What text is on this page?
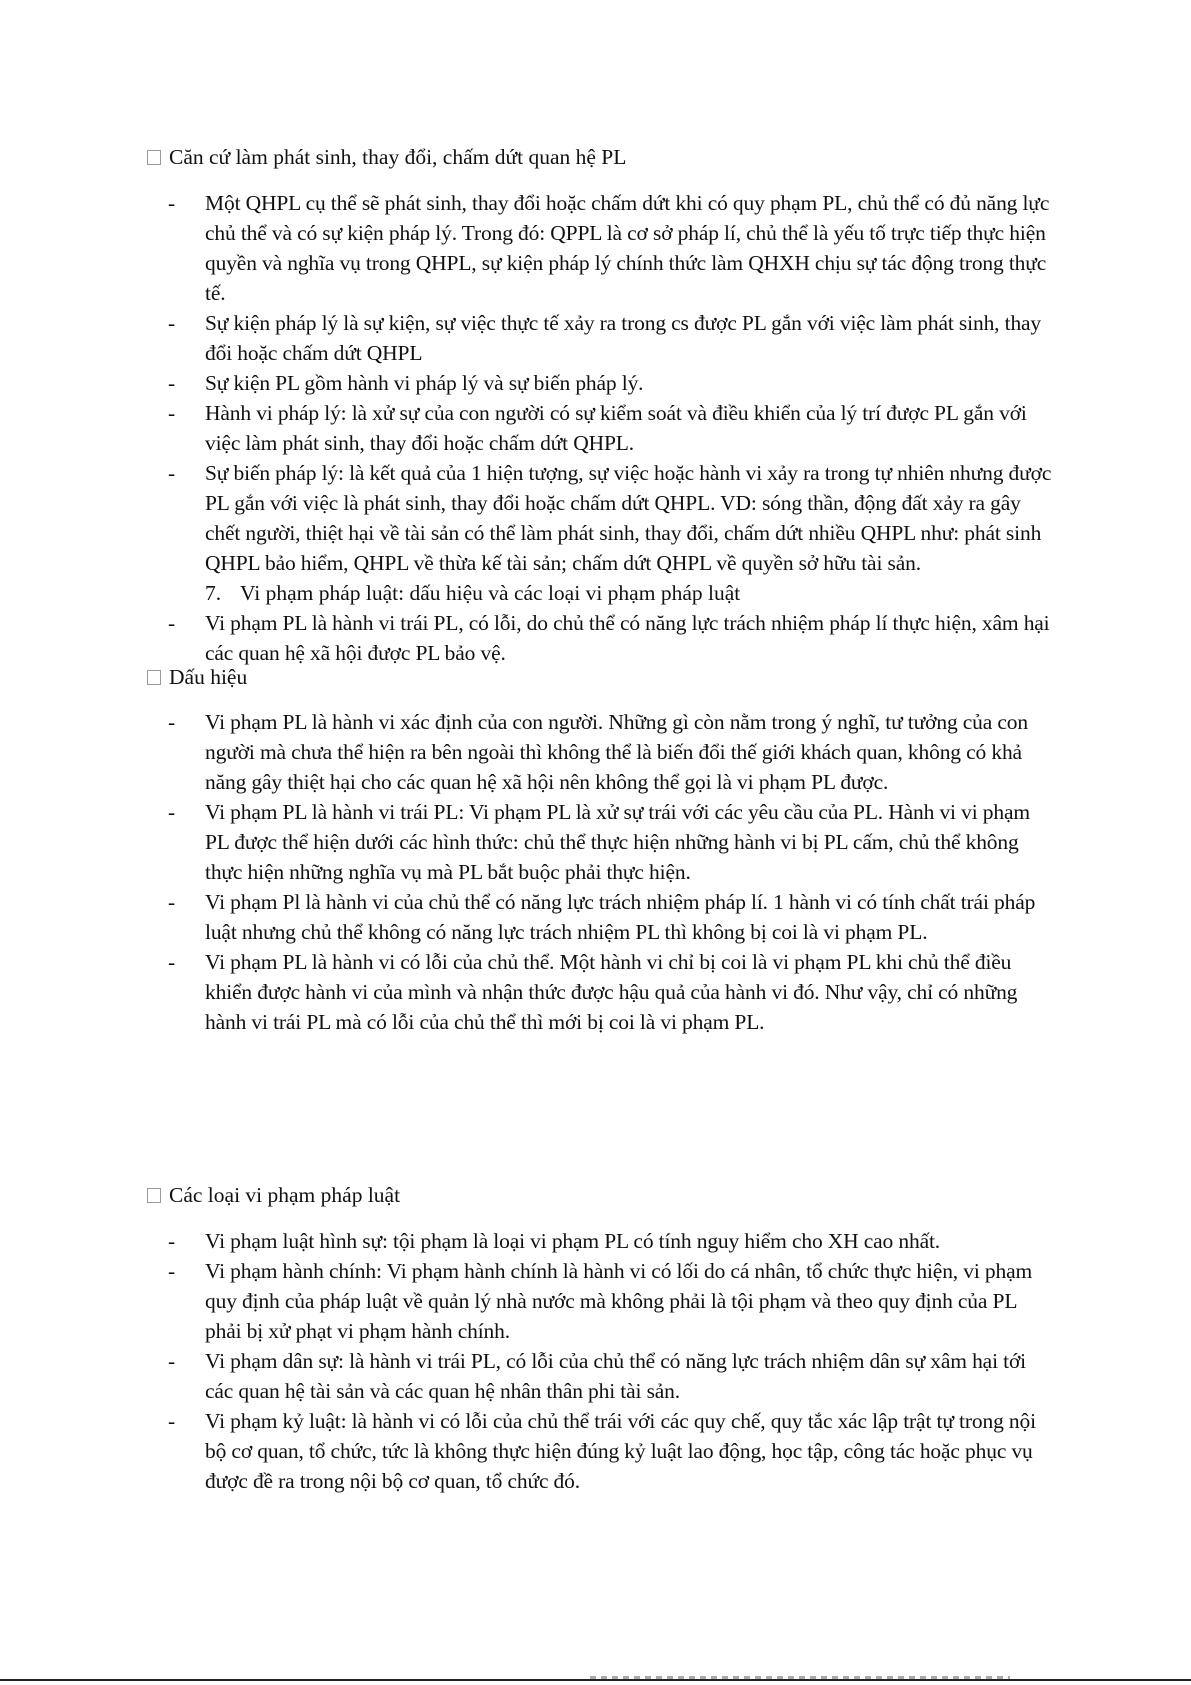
Căn cứ làm phát sinh, thay đổi, chấm dứt quan hệ PL
- Một QHPL cụ thể sẽ phát sinh, thay đổi hoặc chấm dứt khi có quy phạm PL, chủ thể có đủ năng lực chủ thể và có sự kiện pháp lý. Trong đó: QPPL là cơ sở pháp lí, chủ thể là yếu tố trực tiếp thực hiện quyền và nghĩa vụ trong QHPL, sự kiện pháp lý chính thức làm QHXH chịu sự tác động trong thực tế.
- Sự kiện pháp lý là sự kiện, sự việc thực tế xảy ra trong cs được PL gắn với việc làm phát sinh, thay đổi hoặc chấm dứt QHPL
- Sự kiện PL gồm hành vi pháp lý và sự biến pháp lý.
- Hành vi pháp lý: là xử sự của con người có sự kiểm soát và điều khiển của lý trí được PL gắn với việc làm phát sinh, thay đổi hoặc chấm dứt QHPL.
- Sự biến pháp lý: là kết quả của 1 hiện tượng, sự việc hoặc hành vi xảy ra trong tự nhiên nhưng được PL gắn với việc là phát sinh, thay đổi hoặc chấm dứt QHPL. VD: sóng thần, động đất xảy ra gây chết người, thiệt hại về tài sản có thể làm phát sinh, thay đổi, chấm dứt nhiều QHPL như: phát sinh QHPL bảo hiểm, QHPL về thừa kế tài sản; chấm dứt QHPL về quyền sở hữu tài sản.
7. Vi phạm pháp luật: dấu hiệu và các loại vi phạm pháp luật
- Vi phạm PL là hành vi trái PL, có lỗi, do chủ thể có năng lực trách nhiệm pháp lí thực hiện, xâm hại các quan hệ xã hội được PL bảo vệ.
Dấu hiệu
- Vi phạm PL là hành vi xác định của con người. Những gì còn nằm trong ý nghĩ, tư tưởng của con người mà chưa thể hiện ra bên ngoài thì không thể là biến đổi thế giới khách quan, không có khả năng gây thiệt hại cho các quan hệ xã hội nên không thể gọi là vi phạm PL được.
- Vi phạm PL là hành vi trái PL: Vi phạm PL là xử sự trái với các yêu cầu của PL. Hành vi vi phạm PL được thể hiện dưới các hình thức: chủ thể thực hiện những hành vi bị PL cấm, chủ thể không thực hiện những nghĩa vụ mà PL bắt buộc phải thực hiện.
- Vi phạm Pl là hành vi của chủ thể có năng lực trách nhiệm pháp lí. 1 hành vi có tính chất trái pháp luật nhưng chủ thể không có năng lực trách nhiệm PL thì không bị coi là vi phạm PL.
- Vi phạm PL là hành vi có lỗi của chủ thể. Một hành vi chỉ bị coi là vi phạm PL khi chủ thể điều khiển được hành vi của mình và nhận thức được hậu quả của hành vi đó. Như vậy, chỉ có những hành vi trái PL mà có lỗi của chủ thể thì mới bị coi là vi phạm PL.
Các loại vi phạm pháp luật
- Vi phạm luật hình sự: tội phạm là loại vi phạm PL có tính nguy hiểm cho XH cao nhất.
- Vi phạm hành chính: Vi phạm hành chính là hành vi có lối do cá nhân, tổ chức thực hiện, vi phạm quy định của pháp luật về quản lý nhà nước mà không phải là tội phạm và theo quy định của PL phải bị xử phạt vi phạm hành chính.
- Vi phạm dân sự: là hành vi trái PL, có lỗi của chủ thể có năng lực trách nhiệm dân sự xâm hại tới các quan hệ tài sản và các quan hệ nhân thân phi tài sản.
- Vi phạm kỷ luật: là hành vi có lỗi của chủ thể trái với các quy chế, quy tắc xác lập trật tự trong nội bộ cơ quan, tổ chức, tức là không thực hiện đúng kỷ luật lao động, học tập, công tác hoặc phục vụ được đề ra trong nội bộ cơ quan, tổ chức đó.
